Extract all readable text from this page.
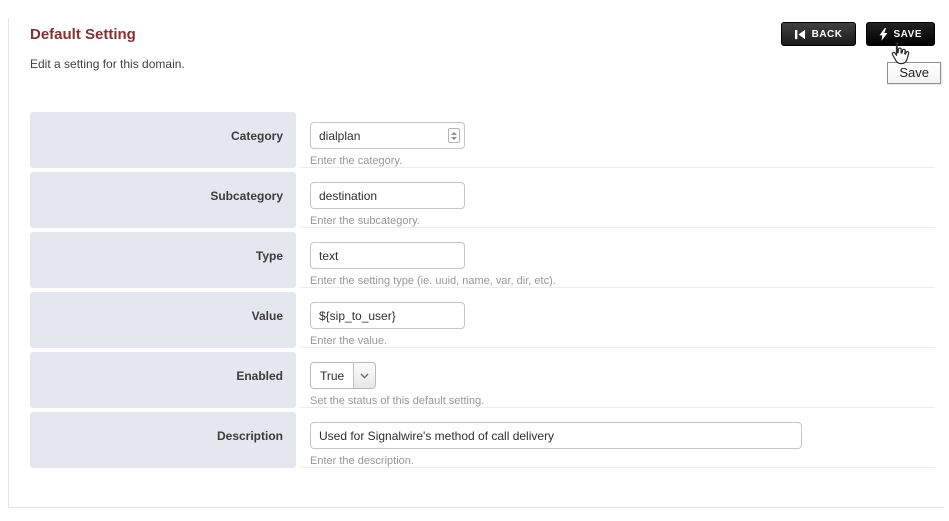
Default Setting
Edit a setting for this domain.
BACK	SAVE
Save
Category
dialplan
Enter the category.
Subcategory
destination
Enter the subcategory.
Type
text
Enter the setting type (ie. uuid, name, var, dir, etc).
Value
${sip_to_user}
Enter the value.
Enabled	True
Set the status of this default setting.
Description
Used for Signalwire's method of call delivery
Enter the description.
